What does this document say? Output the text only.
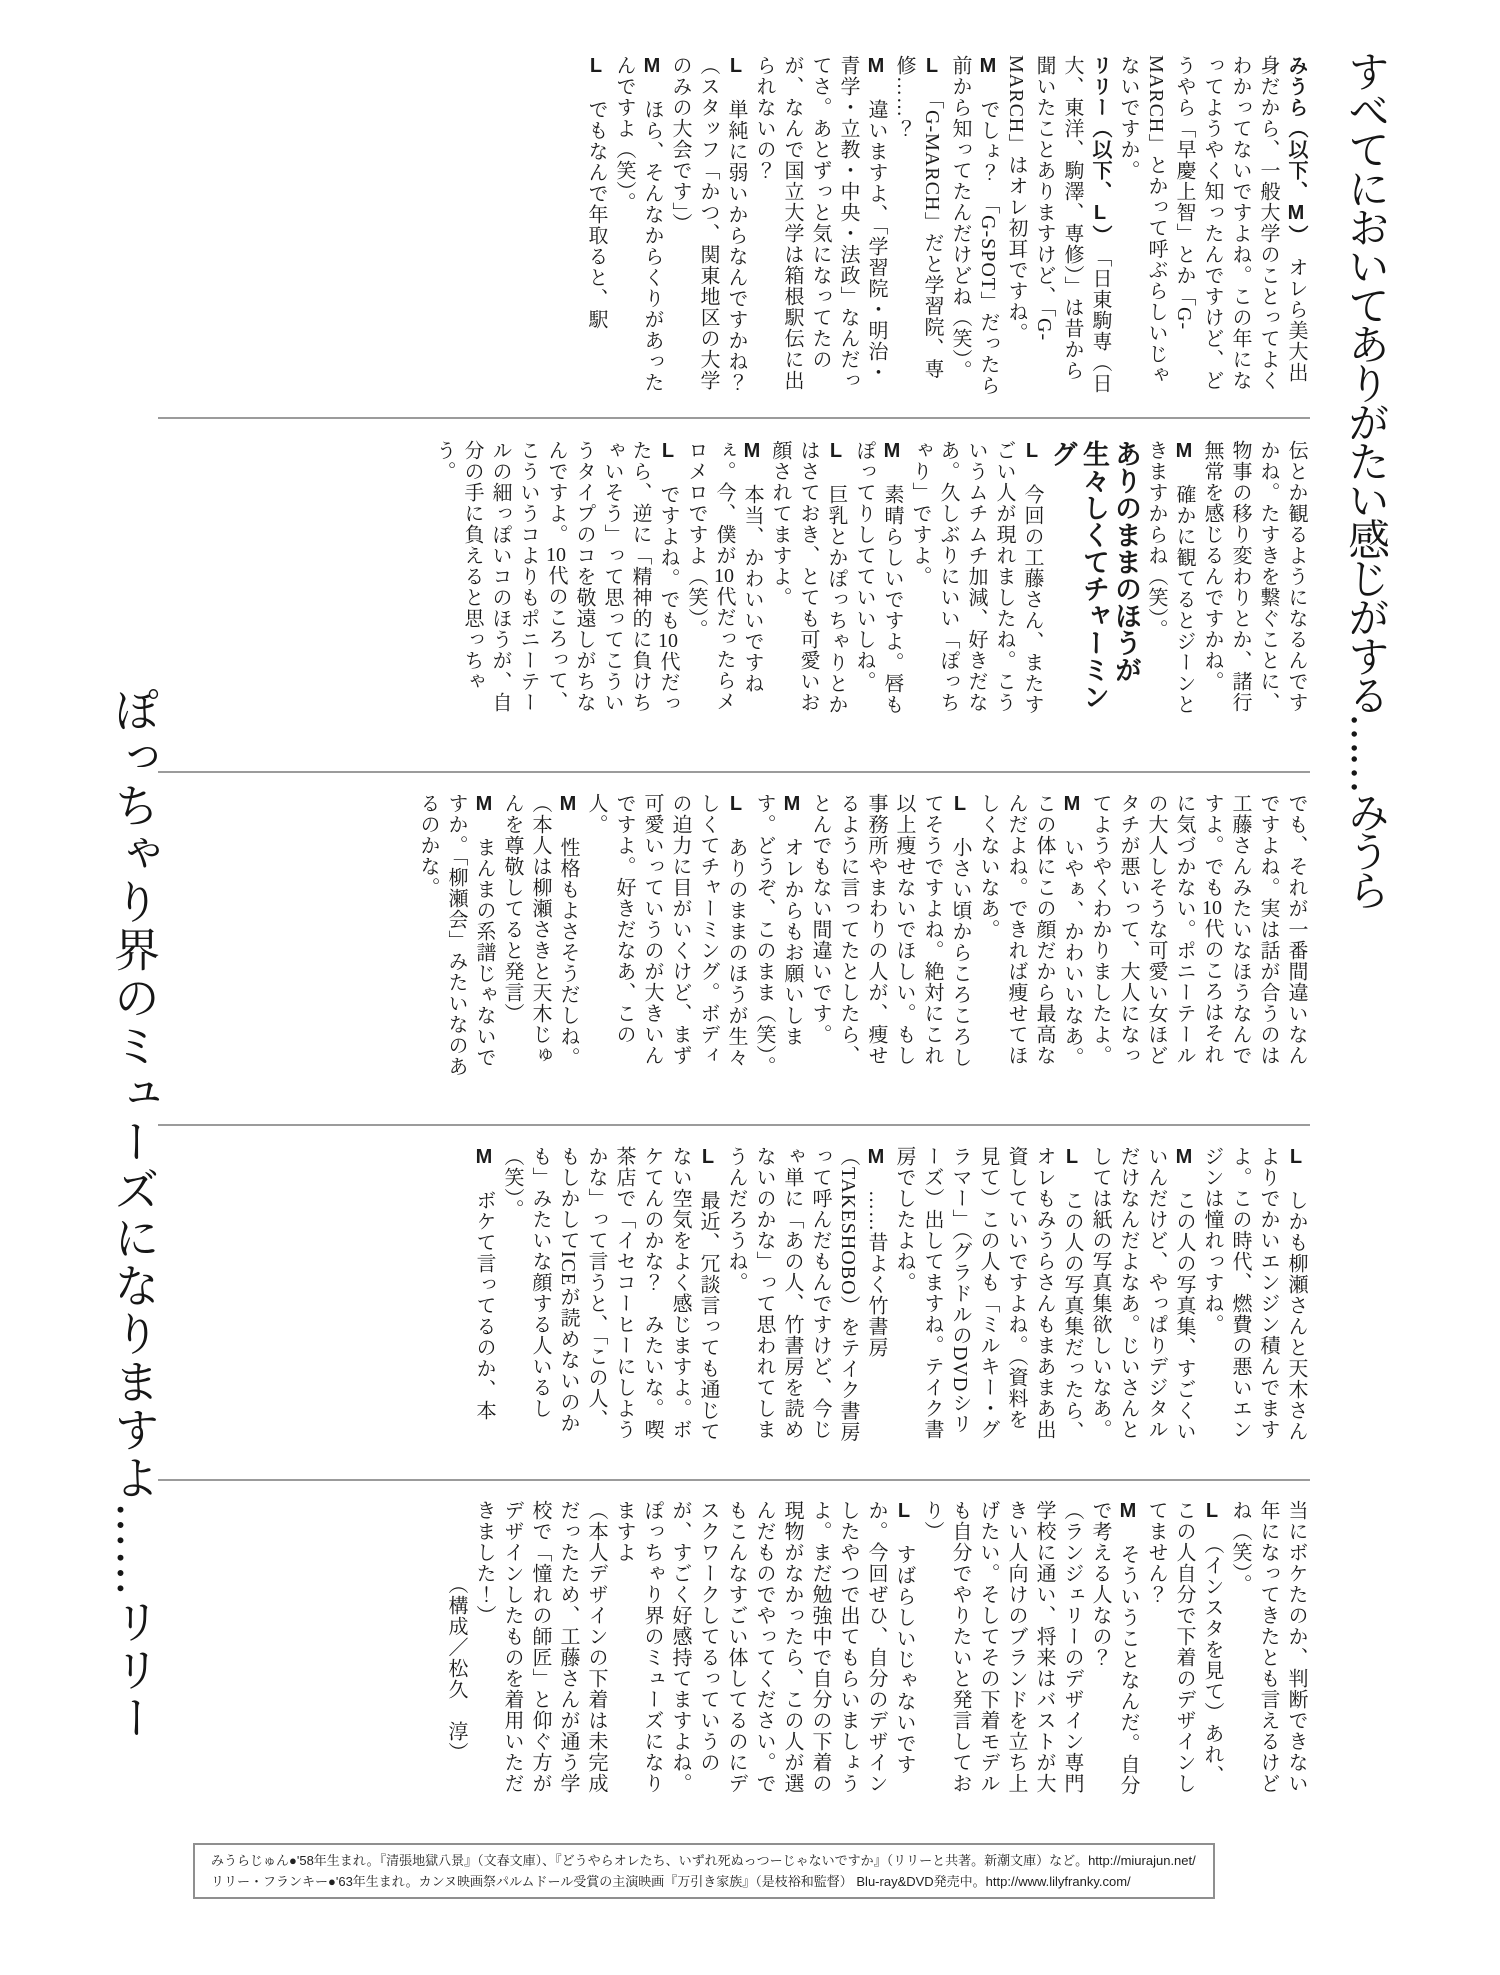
すべてにおいてありがたい感じがする……みうら
ぽっちゃり界のミューズになりますよ……リリー

みうら（以下、M）　オレら美大出身だから、一般大学のことってよくわかってないですよね。この年になってようやく知ったんですけど、どうやら「早慶上智」とか「G-MARCH」とかって呼ぶらしいじゃないですか。

リリー（以下、L）　「日東駒専（日大、東洋、駒澤、専修）」は昔から聞いたことありますけど、「G-MARCH」はオレ初耳ですね。

M　でしょ？　「G-SPOT」だったら前から知ってたんだけどね（笑）。

L　「G-MARCH」だと学習院、専修……？

M　違いますよ、「学習院・明治・青学・立教・中央・法政」なんだってさ。あとずっと気になってたのが、なんで国立大学は箱根駅伝に出られないの？

L　単純に弱いからなんですかね？

（スタッフ「かつ、関東地区の大学のみの大会です」）

M　ほら、そんなからくりがあったんですよ（笑）。

L　でもなんで年取ると、駅

伝とか観るようになるんですかね。たすきを繋ぐことに、物事の移り変わりとか、諸行無常を感じるんですかね。

M　確かに観てるとジーンときますからね（笑）。

ありのままのほうが
生々しくてチャーミング

L　今回の工藤さん、またすごい人が現れましたね。こういうムチムチ加減、好きだなあ。久しぶりにいい「ぽっちゃり」ですよ。

M　素晴らしいですよ。唇もぽってりしてていいしね。

L　巨乳とかぽっちゃりとかはさておき、とても可愛いお顔されてますよ。

M　本当、かわいいですねぇ。今、僕が10代だったらメロメロですよ（笑）。

L　ですよね。でも10代だったら、逆に「精神的に負けちゃいそう」って思ってこういうタイプのコを敬遠しがちなんですよ。10代のころって、こういうコよりもポニーテールの細っぽいコのほうが、自分の手に負えると思っちゃう。

でも、それが一番間違いなんですよね。実は話が合うのは工藤さんみたいなほうなんですよ。でも10代のころはそれに気づかない。ポニーテールの大人しそうな可愛い女ほどタチが悪いって、大人になってようやくわかりましたよ。

M　いやぁ、かわいいなあ。この体にこの顔だから最高なんだよね。できれば痩せてほしくないなあ。

L　小さい頃からころころしてそうですよね。絶対にこれ以上痩せないでほしい。もし事務所やまわりの人が、痩せるように言ってたとしたら、とんでもない間違いです。

M　オレからもお願いします。どうぞ、このまま（笑）。

L　ありのままのほうが生々しくてチャーミング。ボディの迫力に目がいくけど、まず可愛いっていうのが大きいんですよ。好きだなあ、この人。

M　性格もよさそうだしね。

（本人は柳瀬さきと天木じゅんを尊敬してると発言）

M　まんまの系譜じゃないですか。「柳瀬会」みたいなのあるのかな。

L　しかも柳瀬さんと天木さんよりでかいエンジン積んでますよ。この時代、燃費の悪いエンジンは憧れっすね。

M　この人の写真集、すごくいいんだけど、やっぱりデジタルだけなんだよなあ。じいさんとしては紙の写真集欲しいなあ。

L　この人の写真集だったら、オレもみうらさんもまあまあ出資していいですよね。（資料を見て）この人も「ミルキー・グラマー」（グラドルのDVDシリーズ）出してますね。テイク書房でしたよね。

M　……昔よく竹書房（TAKESHOBO）をテイク書房って呼んだもんですけど、今じゃ単に「あの人、竹書房を読めないのかな」って思われてしまうんだろうね。

L　最近、冗談言っても通じてない空気をよく感じますよ。ボケてんのかな？　みたいな。喫茶店で「イセコーヒーにしようかな」って言うと、「この人、もしかしてICEが読めないのかも」みたいな顔する人いるし（笑）。

M　ボケて言ってるのか、本

当にボケたのか、判断できない年になってきたとも言えるけどね（笑）。

L　（インスタを見て）あれ、この人自分で下着のデザインしてません？

M　そういうことなんだ。自分で考える人なの？

（ランジェリーのデザイン専門学校に通い、将来はバストが大きい人向けのブランドを立ち上げたい。そしてその下着モデルも自分でやりたいと発言しており）

L　すばらしいじゃないですか。今回ぜひ、自分のデザインしたやつで出てもらいましょうよ。まだ勉強中で自分の下着の現物がなかったら、この人が選んだものでやってください。でもこんなすごい体してるのにデスクワークしてるっていうのが、すごく好感持てますよね。ぽっちゃり界のミューズになりますよ

（本人デザインの下着は未完成だったため、工藤さんが通う学校で「憧れの師匠」と仰ぐ方がデザインしたものを着用いただきました！）

　　　　（構成／松久　淳）

みうらじゅん●'58年生まれ。『清張地獄八景』（文春文庫）、『どうやらオレたち、いずれ死ぬっつーじゃないですか』（リリーと共著。新潮文庫）など。http://miurajun.net/
リリー・フランキー●'63年生まれ。カンヌ映画祭パルムドール受賞の主演映画『万引き家族』（是枝裕和監督） Blu-ray&DVD発売中。http://www.lilyfranky.com/
